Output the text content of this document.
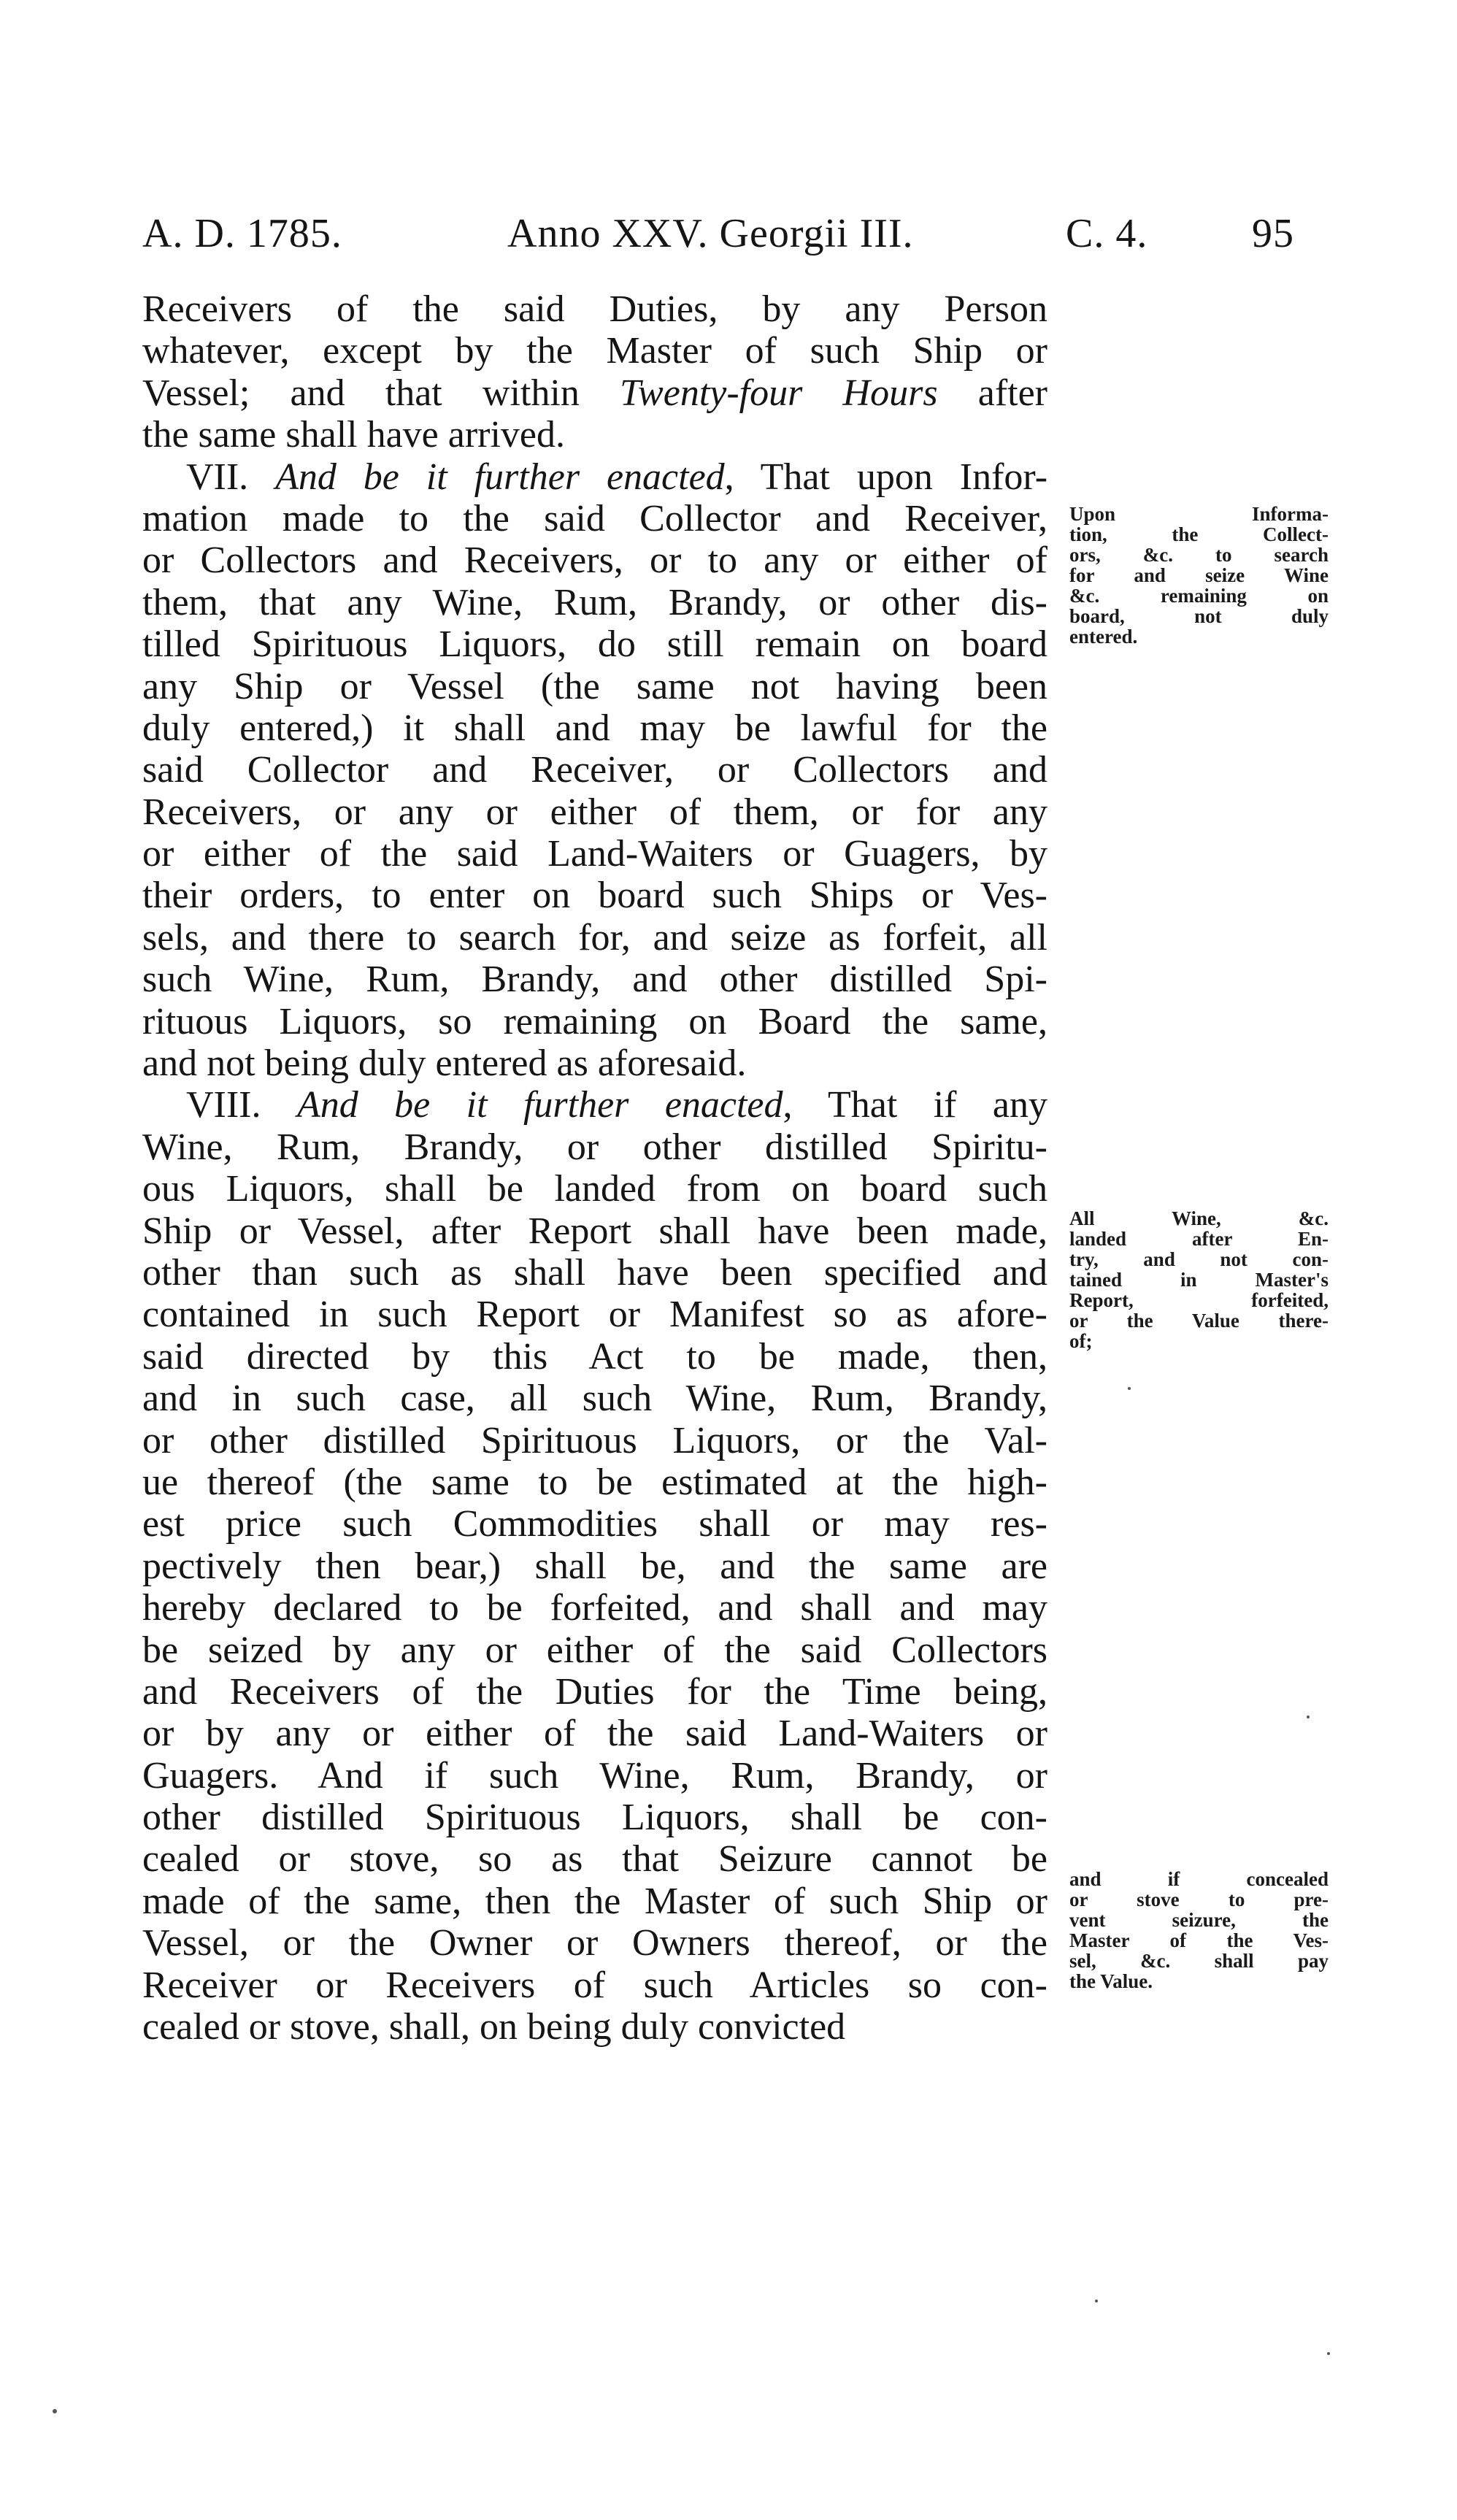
A. D. 1785.	Anno XXV. Georgii III.	C. 4.	95
Receivers of the said Duties, by any Person
whatever, except by the Master of such Ship or
Vessel; and that within Twenty-four Hours after
the same shall have arrived.
VII. And be it further enacted, That upon Infor-
mation made to the said Collector and Receiver,
or Collectors and Receivers, or to any or either of
them, that any Wine, Rum, Brandy, or other dis-
tilled Spirituous Liquors, do still remain on board
any Ship or Vessel (the same not having been
duly entered,) it shall and may be lawful for the
said Collector and Receiver, or Collectors and
Receivers, or any or either of them, or for any
or either of the said Land-Waiters or Guagers, by
their orders, to enter on board such Ships or Ves-
sels, and there to search for, and seize as forfeit, all
such Wine, Rum, Brandy, and other distilled Spi-
rituous Liquors, so remaining on Board the same,
and not being duly entered as aforesaid.
VIII. And be it further enacted, That if any
Wine, Rum, Brandy, or other distilled Spiritu-
ous Liquors, shall be landed from on board such
Ship or Vessel, after Report shall have been made,
other than such as shall have been specified and
contained in such Report or Manifest so as afore-
said directed by this Act to be made, then,
and in such case, all such Wine, Rum, Brandy,
or other distilled Spirituous Liquors, or the Val-
ue thereof (the same to be estimated at the high-
est price such Commodities shall or may res-
pectively then bear,) shall be, and the same are
hereby declared to be forfeited, and shall and may
be seized by any or either of the said Collectors
and Receivers of the Duties for the Time being,
or by any or either of the said Land-Waiters or
Guagers. And if such Wine, Rum, Brandy, or
other distilled Spirituous Liquors, shall be con-
cealed or stove, so as that Seizure cannot be
made of the same, then the Master of such Ship or
Vessel, or the Owner or Owners thereof, or the
Receiver or Receivers of such Articles so con-
cealed or stove, shall, on being duly convicted
Upon Informa-
tion, the Collect-
ors, &c. to search
for and seize Wine
&c. remaining on
board, not duly
entered.
All Wine, &c.
landed after En-
try, and not con-
tained in Master's
Report, forfeited,
or the Value there-
of;
and if concealed
or stove to pre-
vent seizure, the
Master of the Ves-
sel, &c. shall pay
the Value.
